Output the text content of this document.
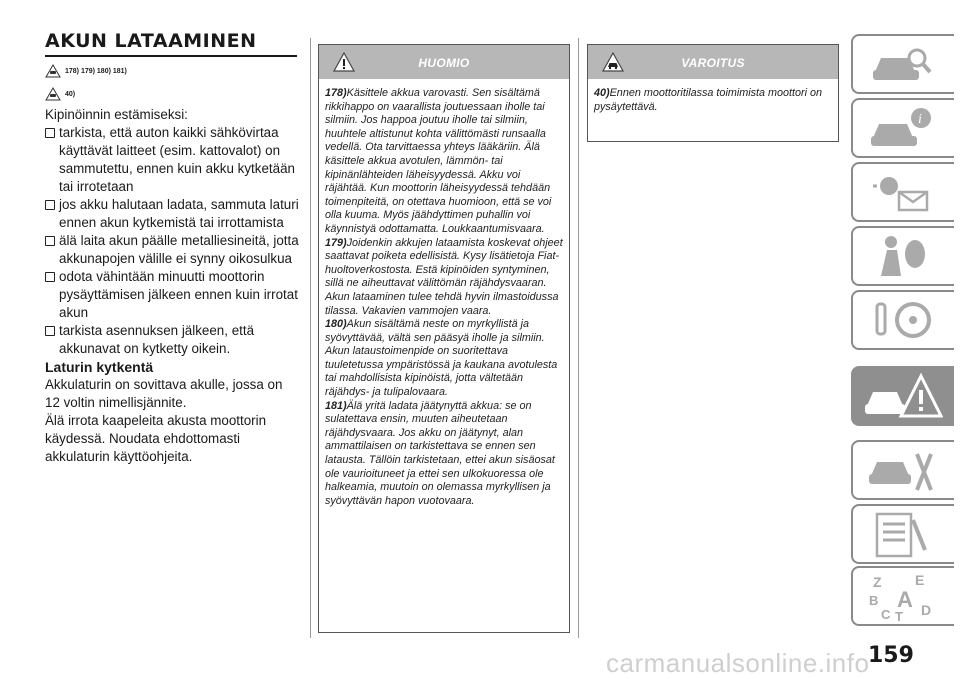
AKUN LATAAMINEN
178) 179) 180) 181)
40)

Kipinöinnin estämiseksi:

tarkista, että auton kaikki sähkövirtaa käyttävät laitteet (esim. kattovalot) on sammutettu, ennen kuin akku kytketään tai irrotetaan

jos akku halutaan ladata, sammuta laturi ennen akun kytkemistä tai irrottamista

älä laita akun päälle metalliesineitä, jotta akkunapojen välille ei synny oikosulkua

odota vähintään minuutti moottorin pysäyttämisen jälkeen ennen kuin irrotat akun

tarkista asennuksen jälkeen, että akkunavat on kytketty oikein.

Laturin kytkentä

Akkulaturin on sovittava akulle, jossa on 12 voltin nimellisjännite.

Älä irrota kaapeleita akusta moottorin käydessä. Noudata ehdottomasti akkulaturin käyttöohjeita.

HUOMIO

178)Käsittele akkua varovasti. Sen sisältämä rikkihappo on vaarallista joutuessaan iholle tai silmiin. Jos happoa joutuu iholle tai silmiin, huuhtele altistunut kohta välittömästi runsaalla vedellä. Ota tarvittaessa yhteys lääkäriin. Älä käsittele akkua avotulen, lämmön- tai kipinänlähteiden läheisyydessä. Akku voi räjähtää. Kun moottorin läheisyydessä tehdään toimenpiteitä, on otettava huomioon, että se voi olla kuuma. Myös jäähdyttimen puhallin voi käynnistyä odottamatta. Loukkaantumisvaara.

179)Joidenkin akkujen lataamista koskevat ohjeet saattavat poiketa edellisistä. Kysy lisätietoja Fiat-huoltoverkostosta. Estä kipinöiden syntyminen, sillä ne aiheuttavat välittömän räjähdysvaaran. Akun lataaminen tulee tehdä hyvin ilmastoidussa tilassa. Vakavien vammojen vaara.

180)Akun sisältämä neste on myrkyllistä ja syövyttävää, vältä sen pääsyä iholle ja silmiin. Akun lataustoimenpide on suoritettava tuuletetussa ympäristössä ja kaukana avotulesta tai mahdollisista kipinöistä, jotta vältetään räjähdys- ja tulipalovaara.

181)Älä yritä ladata jäätynyttä akkua: se on sulatettava ensin, muuten aiheutetaan räjähdysvaara. Jos akku on jäätynyt, alan ammattilaisen on tarkistettava se ennen sen latausta. Tällöin tarkistetaan, ettei akun sisäosat ole vaurioituneet ja ettei sen ulkokuoressa ole halkeamia, muutoin on olemassa myrkyllisen ja syövyttävän hapon vuotovaara.

VAROITUS

40)Ennen moottoritilassa toimimista moottori on pysäytettävä.

i
Z E
B A
C T D
159
carmanualsonline.info
